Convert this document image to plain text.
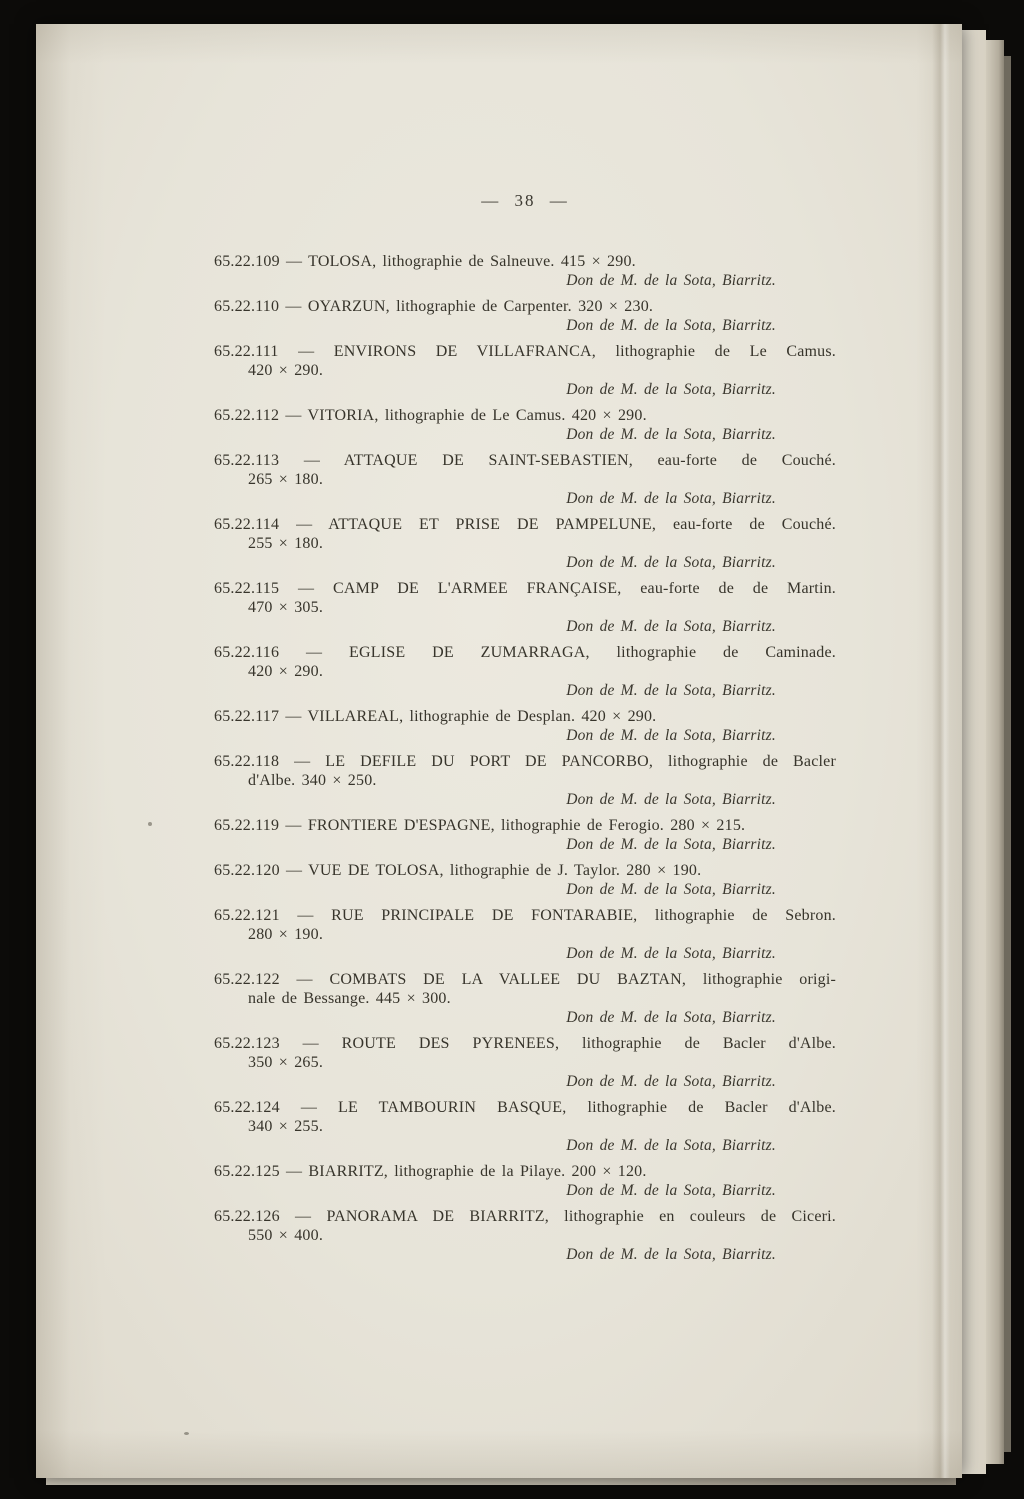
— 38 —
65.22.109 — TOLOSA, lithographie de Salneuve. 415 × 290.
Don de M. de la Sota, Biarritz.
65.22.110 — OYARZUN, lithographie de Carpenter. 320 × 230.
Don de M. de la Sota, Biarritz.
65.22.111 — ENVIRONS DE VILLAFRANCA, lithographie de Le Camus.
420 × 290.
Don de M. de la Sota, Biarritz.
65.22.112 — VITORIA, lithographie de Le Camus. 420 × 290.
Don de M. de la Sota, Biarritz.
65.22.113 — ATTAQUE DE SAINT-SEBASTIEN, eau-forte de Couché.
265 × 180.
Don de M. de la Sota, Biarritz.
65.22.114 — ATTAQUE ET PRISE DE PAMPELUNE, eau-forte de Couché.
255 × 180.
Don de M. de la Sota, Biarritz.
65.22.115 — CAMP DE L'ARMEE FRANÇAISE, eau-forte de de Martin.
470 × 305.
Don de M. de la Sota, Biarritz.
65.22.116 — EGLISE DE ZUMARRAGA, lithographie de Caminade.
420 × 290.
Don de M. de la Sota, Biarritz.
65.22.117 — VILLAREAL, lithographie de Desplan. 420 × 290.
Don de M. de la Sota, Biarritz.
65.22.118 — LE DEFILE DU PORT DE PANCORBO, lithographie de Bacler
d'Albe. 340 × 250.
Don de M. de la Sota, Biarritz.
65.22.119 — FRONTIERE D'ESPAGNE, lithographie de Ferogio. 280 × 215.
Don de M. de la Sota, Biarritz.
65.22.120 — VUE DE TOLOSA, lithographie de J. Taylor. 280 × 190.
Don de M. de la Sota, Biarritz.
65.22.121 — RUE PRINCIPALE DE FONTARABIE, lithographie de Sebron.
280 × 190.
Don de M. de la Sota, Biarritz.
65.22.122 — COMBATS DE LA VALLEE DU BAZTAN, lithographie origi-
nale de Bessange. 445 × 300.
Don de M. de la Sota, Biarritz.
65.22.123 — ROUTE DES PYRENEES, lithographie de Bacler d'Albe.
350 × 265.
Don de M. de la Sota, Biarritz.
65.22.124 — LE TAMBOURIN BASQUE, lithographie de Bacler d'Albe.
340 × 255.
Don de M. de la Sota, Biarritz.
65.22.125 — BIARRITZ, lithographie de la Pilaye. 200 × 120.
Don de M. de la Sota, Biarritz.
65.22.126 — PANORAMA DE BIARRITZ, lithographie en couleurs de Ciceri.
550 × 400.
Don de M. de la Sota, Biarritz.
